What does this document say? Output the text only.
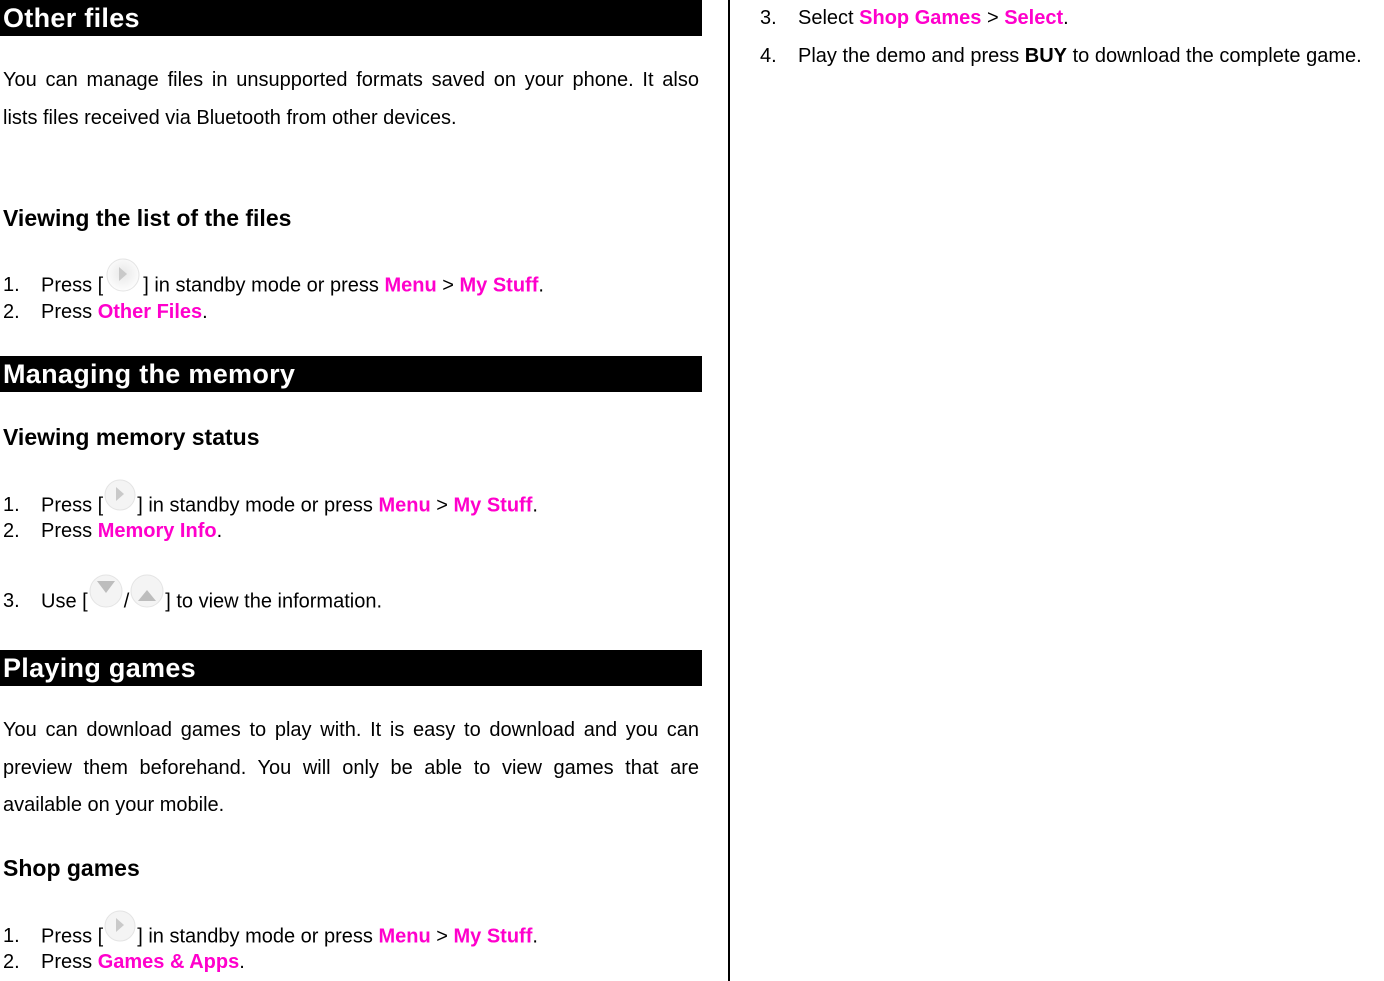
Other files
You can manage files in unsupported formats saved on your phone. It also lists files received via Bluetooth from other devices.
Viewing the list of the files
1. Press [ ] in standby mode or press Menu > My Stuff.
2. Press Other Files.
Managing the memory
Viewing memory status
1. Press [ ] in standby mode or press Menu > My Stuff.
2. Press Memory Info.
3. Use [ / ] to view the information.
Playing games
You can download games to play with. It is easy to download and you can preview them beforehand. You will only be able to view games that are available on your mobile.
Shop games
1. Press [ ] in standby mode or press Menu > My Stuff.
2. Press Games & Apps.
3. Select Shop Games > Select.
4. Play the demo and press BUY to download the complete game.
